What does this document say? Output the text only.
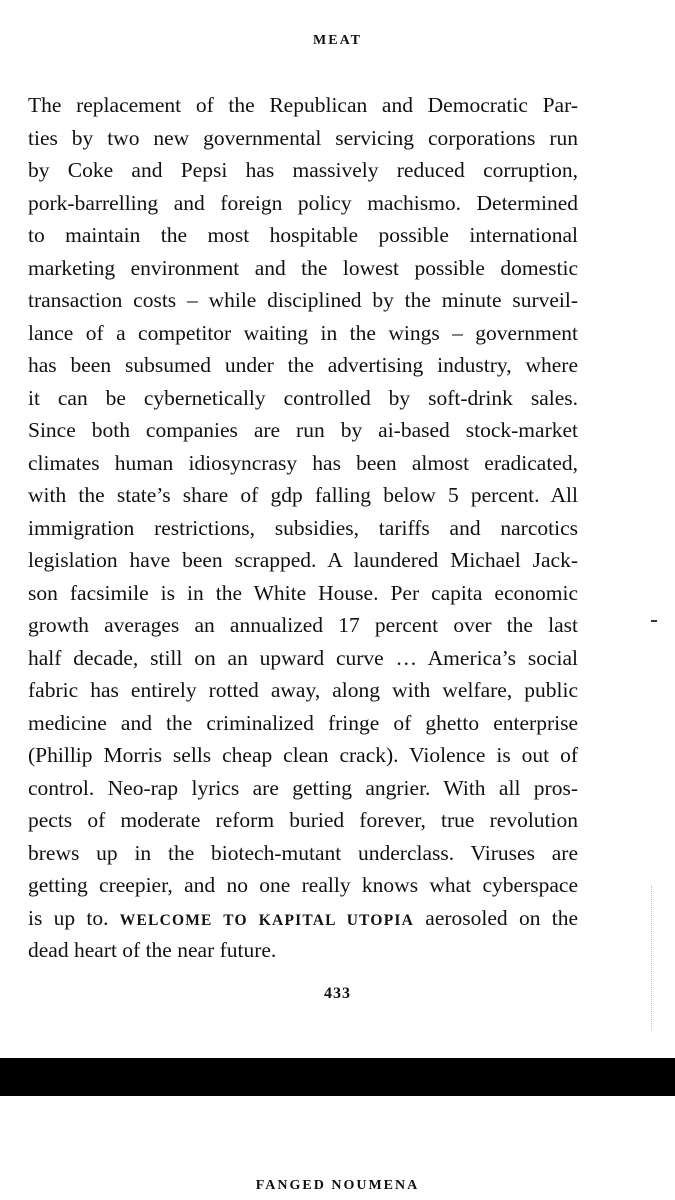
MEAT
The replacement of the Republican and Democratic Par-
ties by two new governmental servicing corporations run
by Coke and Pepsi has massively reduced corruption,
pork-barrelling and foreign policy machismo. Determined
to maintain the most hospitable possible international
marketing environment and the lowest possible domestic
transaction costs – while disciplined by the minute surveil-
lance of a competitor waiting in the wings – government
has been subsumed under the advertising industry, where
it can be cybernetically controlled by soft-drink sales.
Since both companies are run by ai-based stock-market
climates human idiosyncrasy has been almost eradicated,
with the state’s share of gdp falling below 5 percent. All
immigration restrictions, subsidies, tariffs and narcotics
legislation have been scrapped. A laundered Michael Jack-
son facsimile is in the White House. Per capita economic
growth averages an annualized 17 percent over the last
half decade, still on an upward curve … America’s social
fabric has entirely rotted away, along with welfare, public
medicine and the criminalized fringe of ghetto enterprise
(Phillip Morris sells cheap clean crack). Violence is out of
control. Neo-rap lyrics are getting angrier. With all pros-
pects of moderate reform buried forever, true revolution
brews up in the biotech-mutant underclass. Viruses are
getting creepier, and no one really knows what cyberspace
is up to. WELCOME TO KAPITAL UTOPIA aerosoled on the
dead heart of the near future.
433
FANGED NOUMENA
